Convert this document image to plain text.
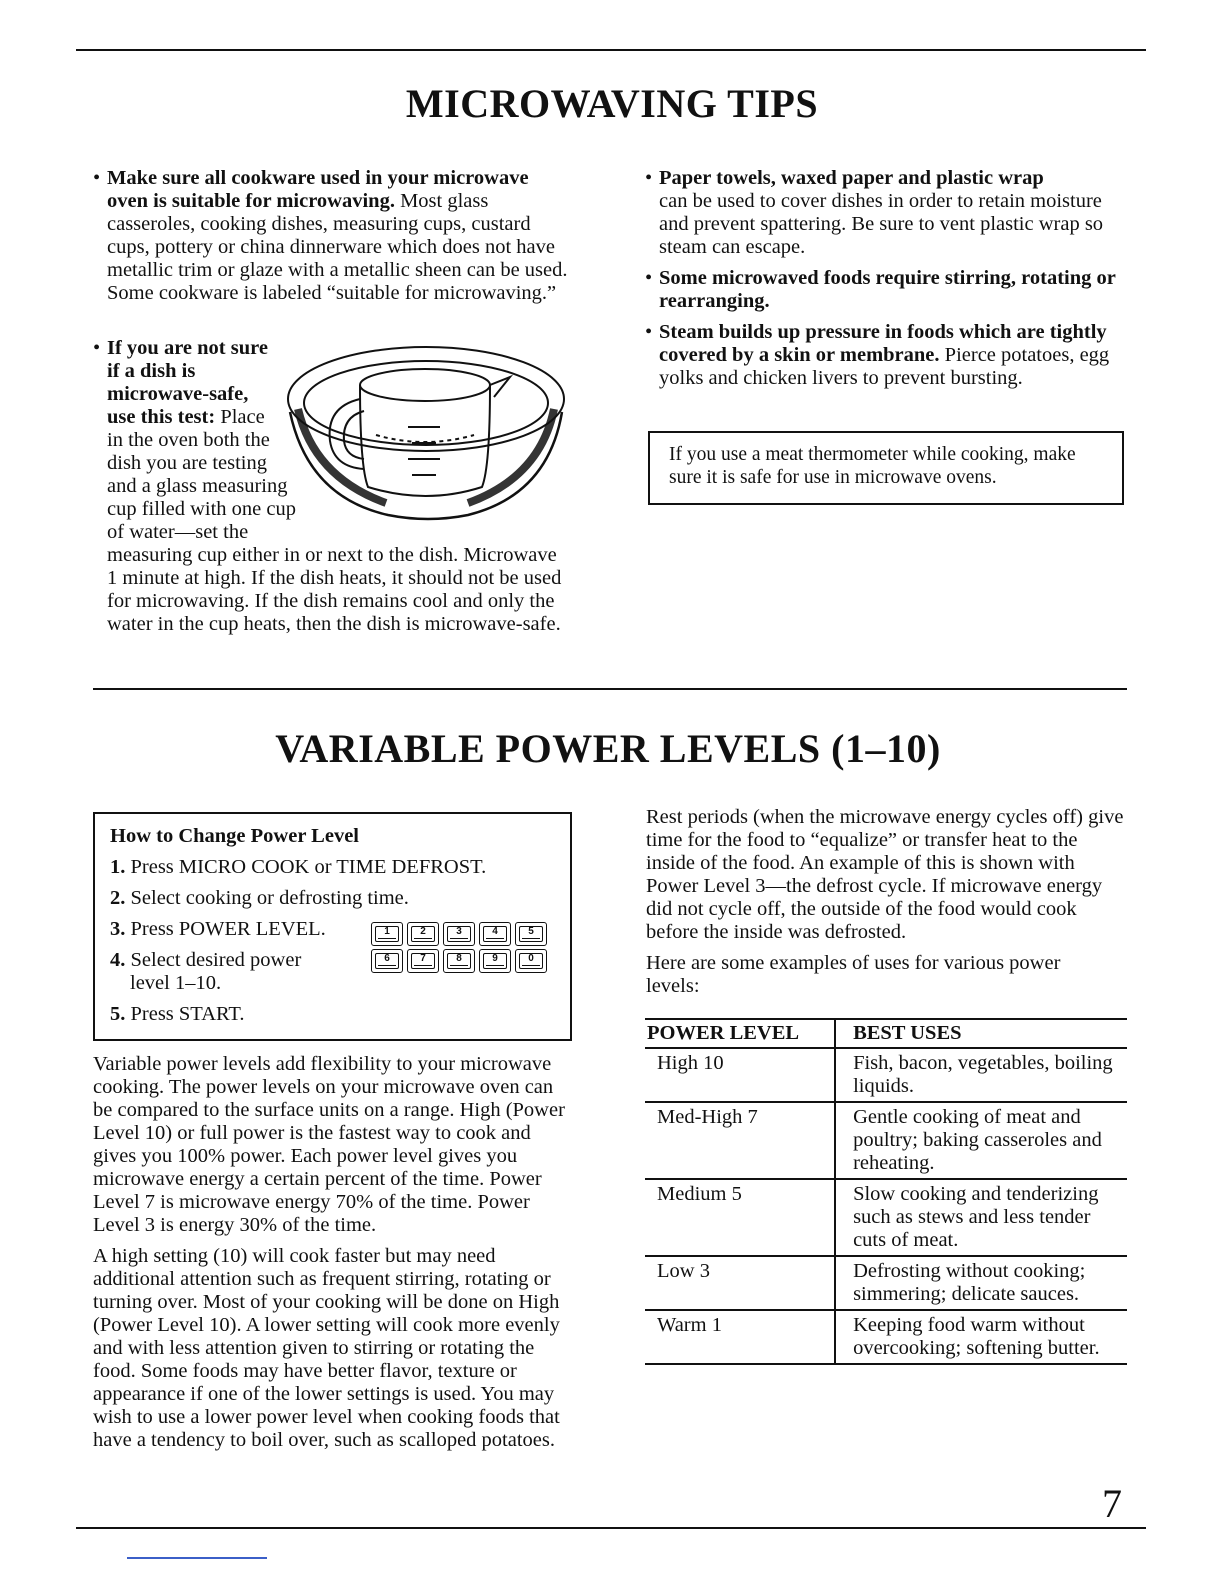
MICROWAVING TIPS
• Make sure all cookware used in your microwave oven is suitable for microwaving. Most glass casseroles, cooking dishes, measuring cups, custard cups, pottery or china dinnerware which does not have metallic trim or glaze with a metallic sheen can be used. Some cookware is labeled “suitable for microwaving.”
• If you are not sure if a dish is microwave-safe, use this test: Place in the oven both the dish you are testing and a glass measuring cup filled with one cup of water—set the measuring cup either in or next to the dish. Microwave 1 minute at high. If the dish heats, it should not be used for microwaving. If the dish remains cool and only the water in the cup heats, then the dish is microwave-safe.
• Paper towels, waxed paper and plastic wrap
can be used to cover dishes in order to retain moisture and prevent spattering. Be sure to vent plastic wrap so steam can escape.
• Some microwaved foods require stirring, rotating or rearranging.
• Steam builds up pressure in foods which are tightly covered by a skin or membrane. Pierce potatoes, egg yolks and chicken livers to prevent bursting.
If you use a meat thermometer while cooking, make sure it is safe for use in microwave ovens.
VARIABLE POWER LEVELS (1–10)
How to Change Power Level
1. Press MICRO COOK or TIME DEFROST.
2. Select cooking or defrosting time.
3. Press POWER LEVEL.
4. Select desired power
level 1–10.
5. Press START.
1	2	3	4	5
6	7	8	9	0
Variable power levels add flexibility to your microwave cooking. The power levels on your microwave oven can be compared to the surface units on a range. High (Power Level 10) or full power is the fastest way to cook and gives you 100% power. Each power level gives you microwave energy a certain percent of the time. Power Level 7 is microwave energy 70% of the time. Power Level 3 is energy 30% of the time.
A high setting (10) will cook faster but may need additional attention such as frequent stirring, rotating or turning over. Most of your cooking will be done on High (Power Level 10). A lower setting will cook more evenly and with less attention given to stirring or rotating the food. Some foods may have better flavor, texture or appearance if one of the lower settings is used. You may wish to use a lower power level when cooking foods that have a tendency to boil over, such as scalloped potatoes.
Rest periods (when the microwave energy cycles off) give time for the food to “equalize” or transfer heat to the inside of the food. An example of this is shown with Power Level 3—the defrost cycle. If microwave energy did not cycle off, the outside of the food would cook before the inside was defrosted.
Here are some examples of uses for various power levels:
POWER LEVEL	BEST USES
High 10	Fish, bacon, vegetables, boiling liquids.
Med-High 7	Gentle cooking of meat and poultry; baking casseroles and reheating.
Medium 5	Slow cooking and tenderizing such as stews and less tender cuts of meat.
Low 3	Defrosting without cooking; simmering; delicate sauces.
Warm 1	Keeping food warm without overcooking; softening butter.
7
